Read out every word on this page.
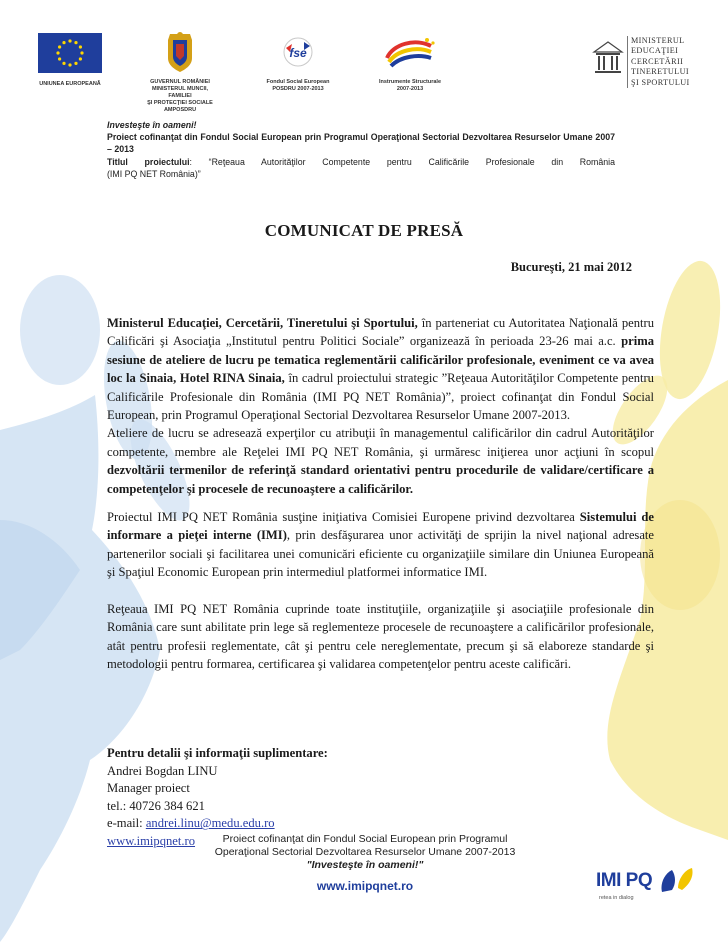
UNIUNEA EUROPEANĂ	GUVERNUL ROMÂNIEI
MINISTERUL MUNCII, FAMILIEI
ŞI PROTECŢIEI SOCIALE
AMPOSDRU
fse
Fondul Social European
POSDRU 2007-2013
Instrumente Structurale
2007-2013
MINISTERUL
EDUCAŢIEI
CERCETĂRII
TINERETULUI
ŞI SPORTULUI
Investeşte în oameni!
Proiect cofinanţat din Fondul Social European prin Programul Operaţional Sectorial Dezvoltarea Resurselor Umane 2007 – 2013
Titlul proiectului: “Reţeaua Autorităţilor Competente pentru Calificările Profesionale din România
(IMI PQ NET România)”
COMUNICAT DE PRESĂ
Bucureşti, 21 mai 2012

Ministerul Educaţiei, Cercetării, Tineretului şi Sportului, în parteneriat cu Autoritatea Naţională pentru Calificări şi Asociaţia „Institutul pentru Politici Sociale” organizează în perioada 23-26 mai a.c. prima sesiune de ateliere de lucru pe tematica reglementării calificărilor profesionale, eveniment ce va avea loc la Sinaia, Hotel RINA Sinaia, în cadrul proiectului strategic ”Reţeaua Autorităţilor Competente pentru Calificările Profesionale din România (IMI PQ NET România)”, proiect cofinanţat din Fondul Social European, prin Programul Operaţional Sectorial Dezvoltarea Resurselor Umane 2007-2013.

Ateliere de lucru se adresează experţilor cu atribuţii în managementul calificărilor din cadrul Autorităţilor competente, membre ale Reţelei IMI PQ NET România, şi urmăresc iniţierea unor acţiuni în scopul dezvoltării termenilor de referinţă standard orientativi pentru procedurile de validare/certificare a competenţelor şi procesele de recunoaştere a calificărilor.

Proiectul IMI PQ NET România susţine iniţiativa Comisiei Europene privind dezvoltarea Sistemului de informare a pieţei interne (IMI), prin desfăşurarea unor activităţi de sprijin la nivel naţional adresate partenerilor sociali şi facilitarea unei comunicări eficiente cu organizaţiile similare din Uniunea Europeană şi Spaţiul Economic European prin intermediul platformei informatice IMI.

Reţeaua IMI PQ NET România cuprinde toate instituţiile, organizaţiile şi asociaţiile profesionale din România care sunt abilitate prin lege să reglementeze procesele de recunoaştere a calificărilor profesionale, atât pentru profesii reglementate, cât şi pentru cele nereglementate, precum şi să elaboreze standarde şi metodologii pentru formarea, certificarea şi validarea competenţelor pentru aceste calificări.

Pentru detalii şi informaţii suplimentare:
Andrei Bogdan LINU
Manager proiect
tel.: 40726 384 621
e-mail: andrei.linu@medu.edu.ro
www.imipqnet.ro	Proiect cofinanţat din Fondul Social European prin Programul
Operaţional Sectorial Dezvoltarea Resurselor Umane 2007-2013
"Investeşte în oameni!"
www.imipqnet.ro	IMI PQ
retea in dialog
